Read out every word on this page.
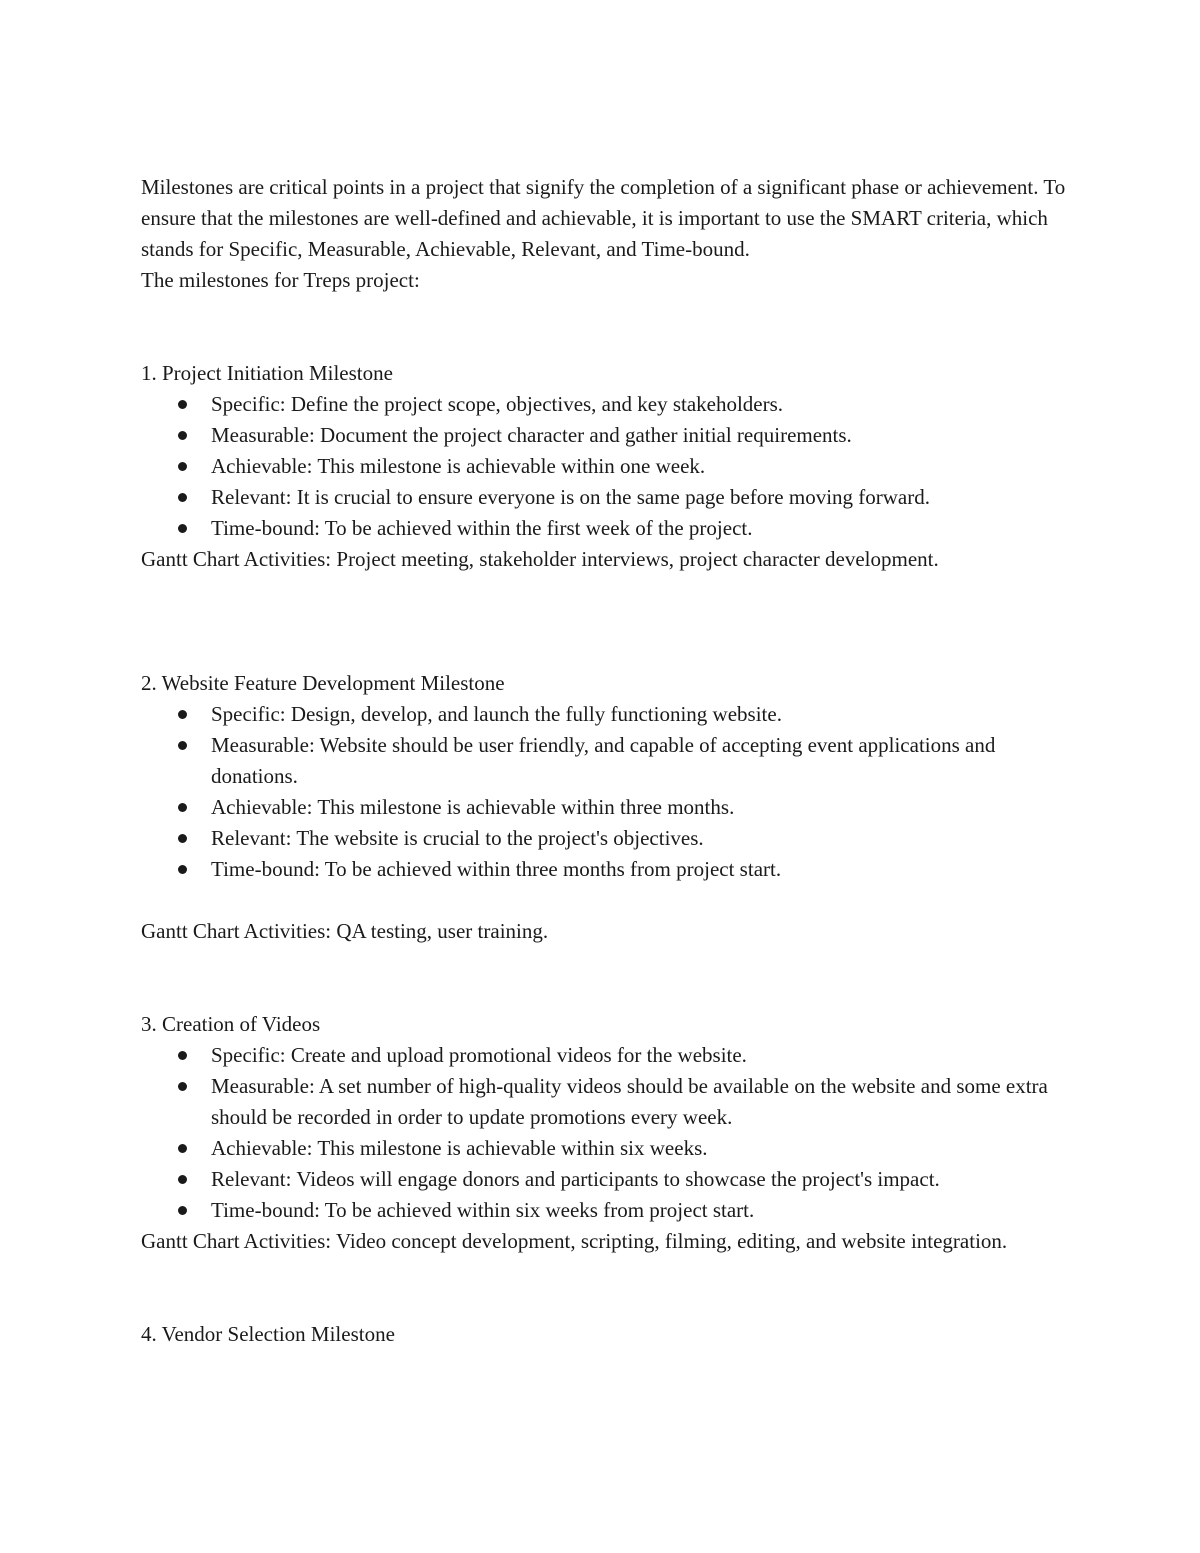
Milestones are critical points in a project that signify the completion of a significant phase or achievement. To ensure that the milestones are well-defined and achievable, it is important to use the SMART criteria, which stands for Specific, Measurable, Achievable, Relevant, and Time-bound.

The milestones for Treps project:

1. Project Initiation Milestone

Specific: Define the project scope, objectives, and key stakeholders.
Measurable: Document the project character and gather initial requirements.
Achievable: This milestone is achievable within one week.
Relevant: It is crucial to ensure everyone is on the same page before moving forward.
Time-bound: To be achieved within the first week of the project.

Gantt Chart Activities: Project meeting, stakeholder interviews, project character development.

2. Website Feature Development Milestone

Specific: Design, develop, and launch the fully functioning website.
Measurable: Website should be user friendly, and capable of accepting event applications and donations.
Achievable: This milestone is achievable within three months.
Relevant: The website is crucial to the project's objectives.
Time-bound: To be achieved within three months from project start.

Gantt Chart Activities: QA testing, user training.

3. Creation of Videos

Specific: Create and upload promotional videos for the website.
Measurable: A set number of high-quality videos should be available on the website and some extra should be recorded in order to update promotions every week.
Achievable: This milestone is achievable within six weeks.
Relevant: Videos will engage donors and participants to showcase the project's impact.
Time-bound: To be achieved within six weeks from project start.

Gantt Chart Activities: Video concept development, scripting, filming, editing, and website integration.

4. Vendor Selection Milestone
